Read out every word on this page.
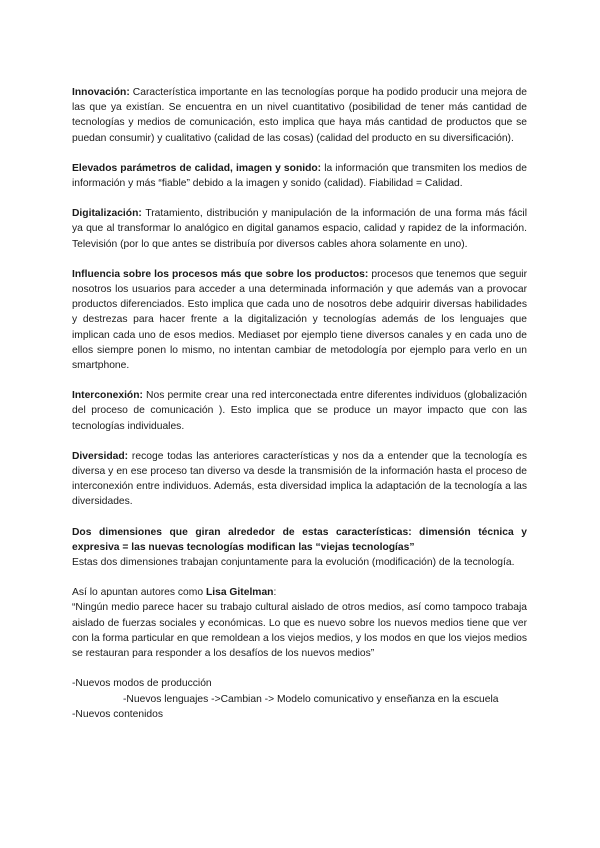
Innovación: Característica importante en las tecnologías porque ha podido producir una mejora de las que ya existían. Se encuentra en un nivel cuantitativo (posibilidad de tener más cantidad de tecnologías y medios de comunicación, esto implica que haya más cantidad de productos que se puedan consumir) y cualitativo (calidad de las cosas) (calidad del producto en su diversificación).

Elevados parámetros de calidad, imagen y sonido: la información que transmiten los medios de información y más “fiable” debido a la imagen y sonido (calidad). Fiabilidad = Calidad.

Digitalización: Tratamiento, distribución y manipulación de la información de una forma más fácil ya que al transformar lo analógico en digital ganamos espacio, calidad y rapidez de la información. Televisión (por lo que antes se distribuía por diversos cables ahora solamente en uno).

Influencia sobre los procesos más que sobre los productos: procesos que tenemos que seguir nosotros los usuarios para acceder a una determinada información y que además van a provocar productos diferenciados. Esto implica que cada uno de nosotros debe adquirir diversas habilidades y destrezas para hacer frente a la digitalización y tecnologías además de los lenguajes que implican cada uno de esos medios. Mediaset por ejemplo tiene diversos canales y en cada uno de ellos siempre ponen lo mismo, no intentan cambiar de metodología por ejemplo para verlo en un smartphone.

Interconexión: Nos permite crear una red interconectada entre diferentes individuos (globalización del proceso de comunicación ). Esto implica que se produce un mayor impacto que con las tecnologías individuales.

Diversidad: recoge todas las anteriores características y nos da a entender que la tecnología es diversa y en ese proceso tan diverso va desde la transmisión de la información hasta el proceso de interconexión entre individuos. Además, esta diversidad implica la adaptación de la tecnología a las diversidades.

Dos dimensiones que giran alrededor de estas características: dimensión técnica y expresiva = las nuevas tecnologías modifican las “viejas tecnologías”

Estas dos dimensiones trabajan conjuntamente para la evolución (modificación) de la tecnología.

Así lo apuntan autores como Lisa Gitelman:

“Ningún medio parece hacer su trabajo cultural aislado de otros medios, así como tampoco trabaja aislado de fuerzas sociales y económicas. Lo que es nuevo sobre los nuevos medios tiene que ver con la forma particular en que remoldean a los viejos medios, y los modos en que los viejos medios se restauran para responder a los desafíos de los nuevos medios”

-Nuevos modos de producción

-Nuevos lenguajes ->Cambian -> Modelo comunicativo y enseñanza en la escuela

-Nuevos contenidos
